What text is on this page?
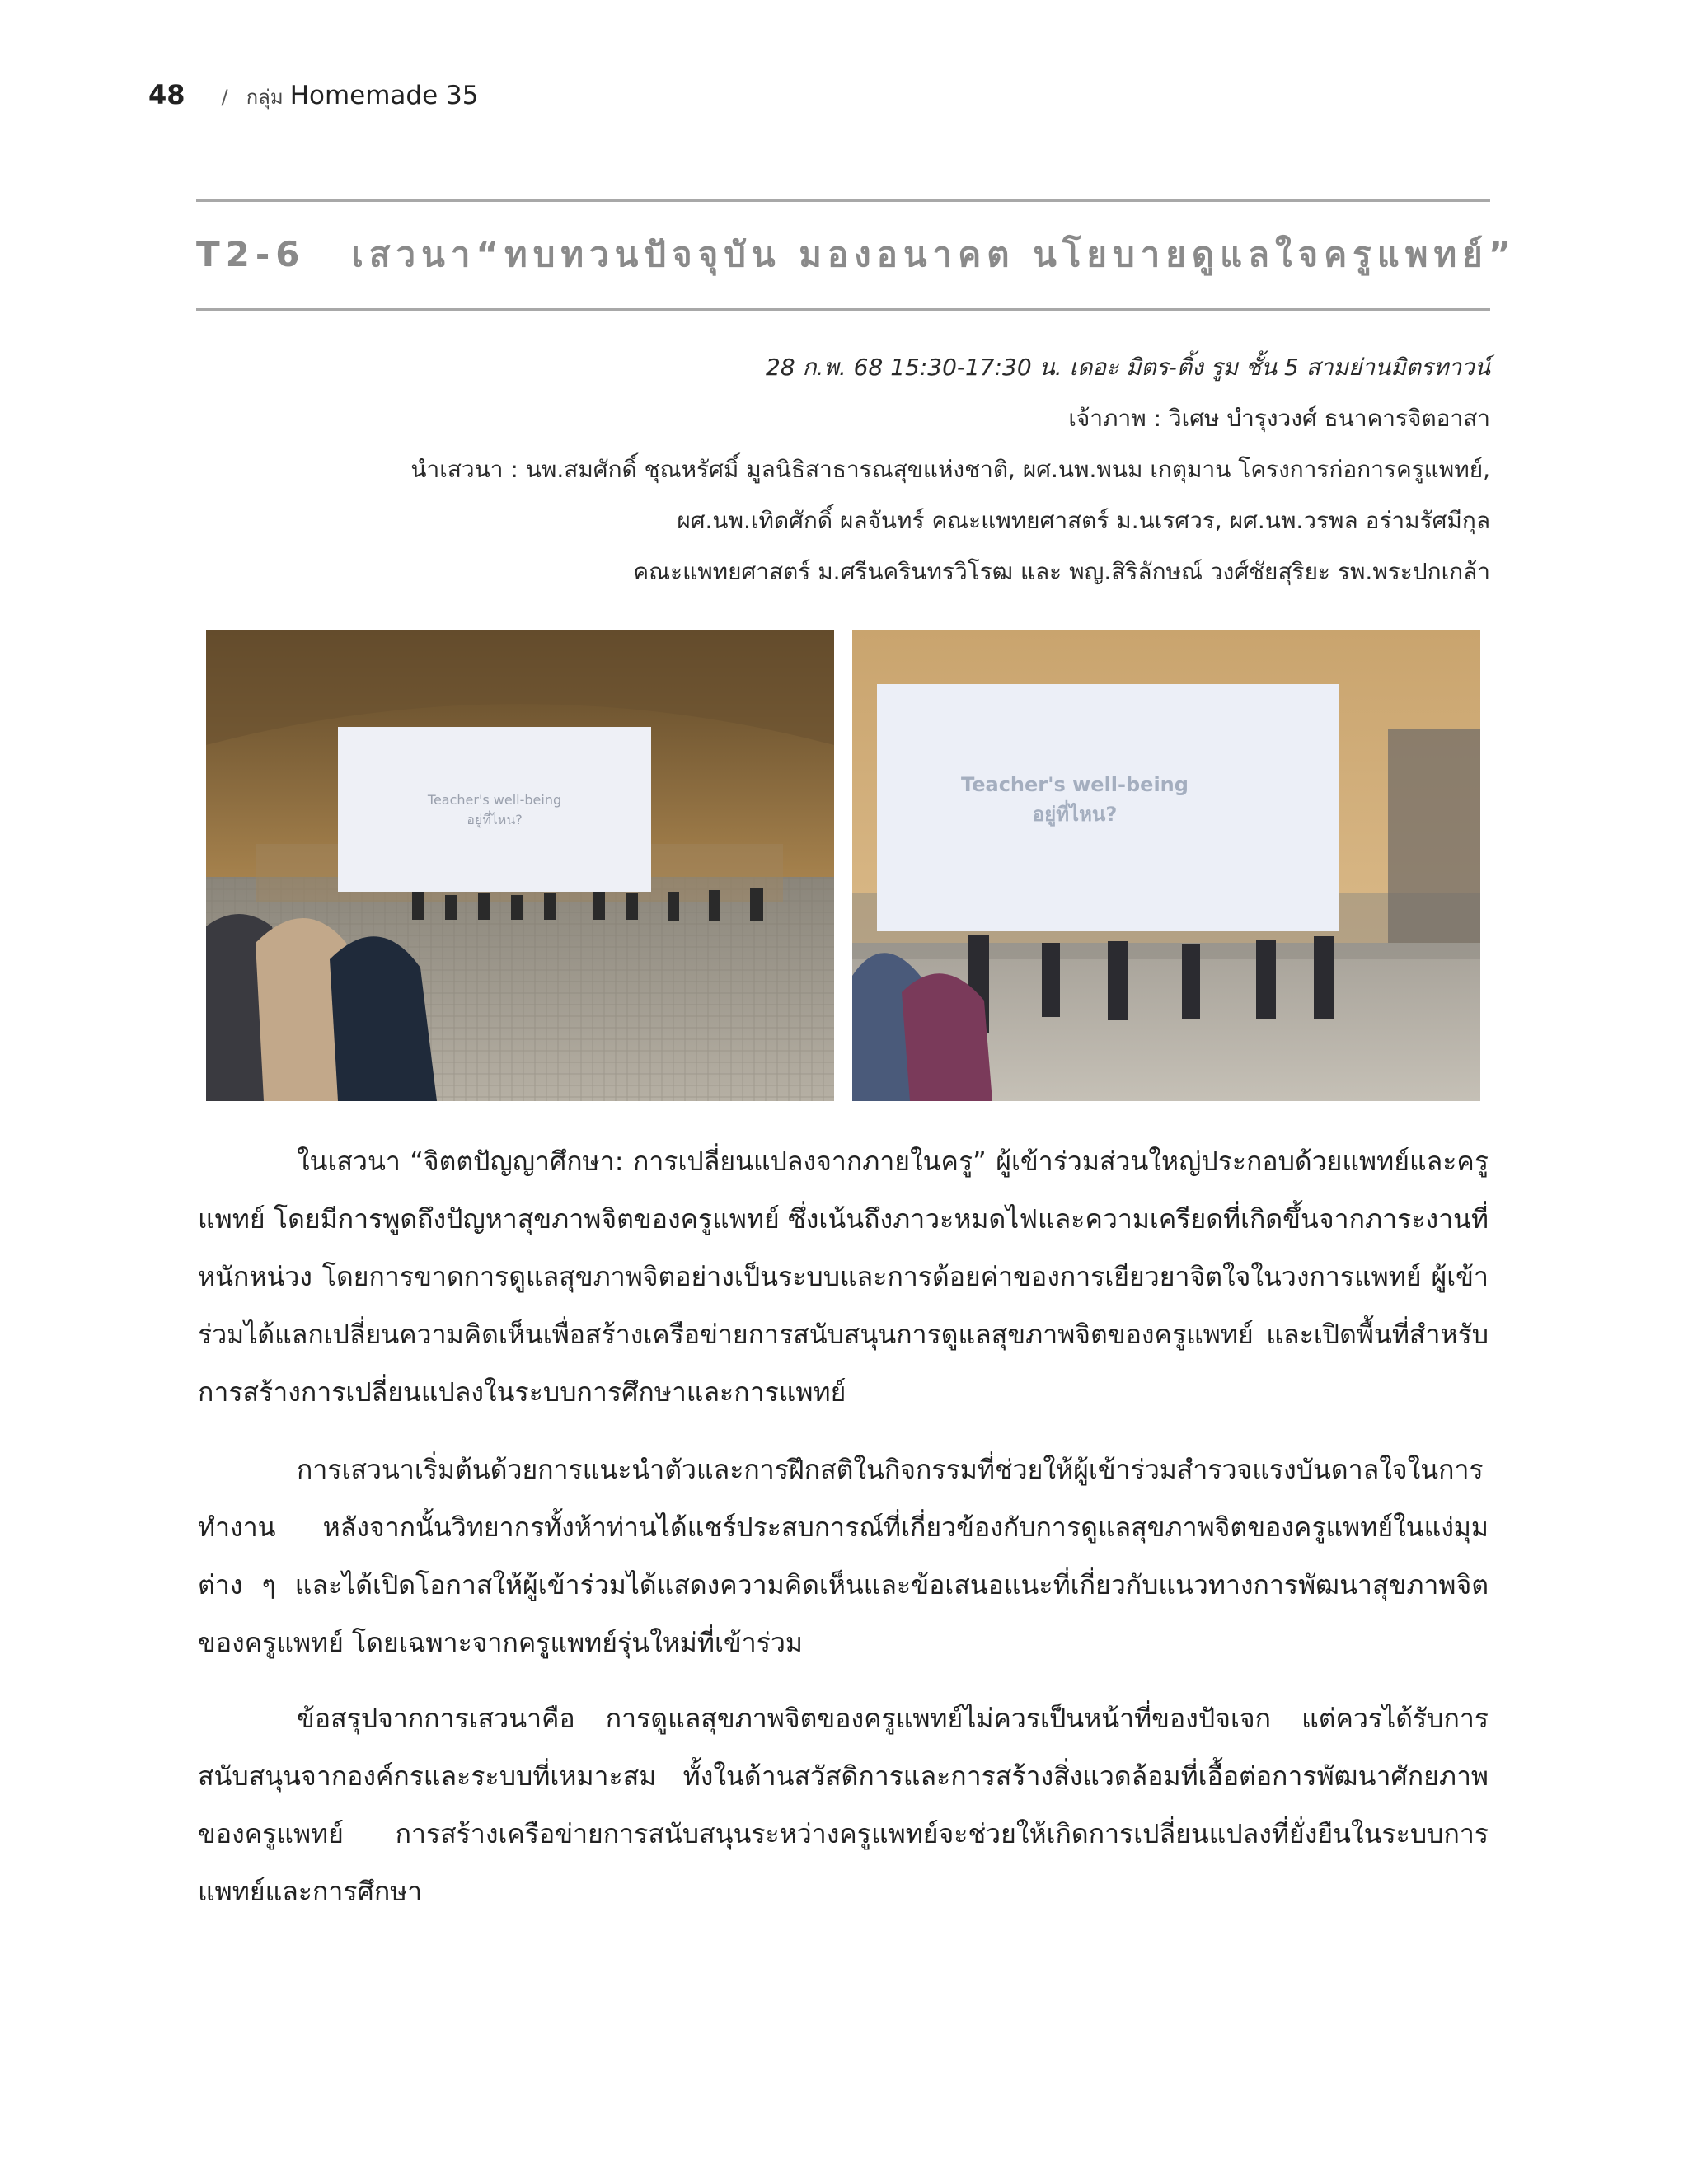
48 / กลุ่ม Homemade 35
T2-6 เสวนา“ทบทวนปัจจุบัน มองอนาคต นโยบายดูแลใจครูแพทย์”
28 ก.พ. 68 15:30-17:30 น. เดอะ มิตร-ติ้ง รูม ชั้น 5 สามย่านมิตรทาวน์
เจ้าภาพ : วิเศษ บำรุงวงศ์ ธนาคารจิตอาสา
นำเสวนา : นพ.สมศักดิ์ ชุณหรัศมิ์ มูลนิธิสาธารณสุขแห่งชาติ, ผศ.นพ.พนม เกตุมาน โครงการก่อการครูแพทย์,
ผศ.นพ.เทิดศักดิ์ ผลจันทร์ คณะแพทยศาสตร์ ม.นเรศวร, ผศ.นพ.วรพล อร่ามรัศมีกุล
คณะแพทยศาสตร์ ม.ศรีนครินทรวิโรฒ และ พญ.สิริลักษณ์ วงศ์ชัยสุริยะ รพ.พระปกเกล้า
Teacher's well-being
อยู่ที่ไหน?
Teacher's well-being
อยู่ที่ไหน?

ในเสวนา “จิตตปัญญาศึกษา: การเปลี่ยนแปลงจากภายในครู” ผู้เข้าร่วมส่วนใหญ่ประกอบด้วยแพทย์และครูแพทย์ โดยมีการพูดถึงปัญหาสุขภาพจิตของครูแพทย์ ซึ่งเน้นถึงภาวะหมดไฟและความเครียดที่เกิดขึ้นจากภาระงานที่หนักหน่วง โดยการขาดการดูแลสุขภาพจิตอย่างเป็นระบบและการด้อยค่าของการเยียวยาจิตใจในวงการแพทย์ ผู้เข้าร่วมได้แลกเปลี่ยนความคิดเห็นเพื่อสร้างเครือข่ายการสนับสนุนการดูแลสุขภาพจิตของครูแพทย์ และเปิดพื้นที่สำหรับการสร้างการเปลี่ยนแปลงในระบบการศึกษาและการแพทย์

การเสวนาเริ่มต้นด้วยการแนะนำตัวและการฝึกสติในกิจกรรมที่ช่วยให้ผู้เข้าร่วมสำรวจแรงบันดาลใจในการทำงาน หลังจากนั้นวิทยากรทั้งห้าท่านได้แชร์ประสบการณ์ที่เกี่ยวข้องกับการดูแลสุขภาพจิตของครูแพทย์ในแง่มุมต่าง ๆ และได้เปิดโอกาสให้ผู้เข้าร่วมได้แสดงความคิดเห็นและข้อเสนอแนะที่เกี่ยวกับแนวทางการพัฒนาสุขภาพจิตของครูแพทย์ โดยเฉพาะจากครูแพทย์รุ่นใหม่ที่เข้าร่วม

ข้อสรุปจากการเสวนาคือ การดูแลสุขภาพจิตของครูแพทย์ไม่ควรเป็นหน้าที่ของปัจเจก แต่ควรได้รับการสนับสนุนจากองค์กรและระบบที่เหมาะสม ทั้งในด้านสวัสดิการและการสร้างสิ่งแวดล้อมที่เอื้อต่อการพัฒนาศักยภาพของครูแพทย์ การสร้างเครือข่ายการสนับสนุนระหว่างครูแพทย์จะช่วยให้เกิดการเปลี่ยนแปลงที่ยั่งยืนในระบบการแพทย์และการศึกษา
